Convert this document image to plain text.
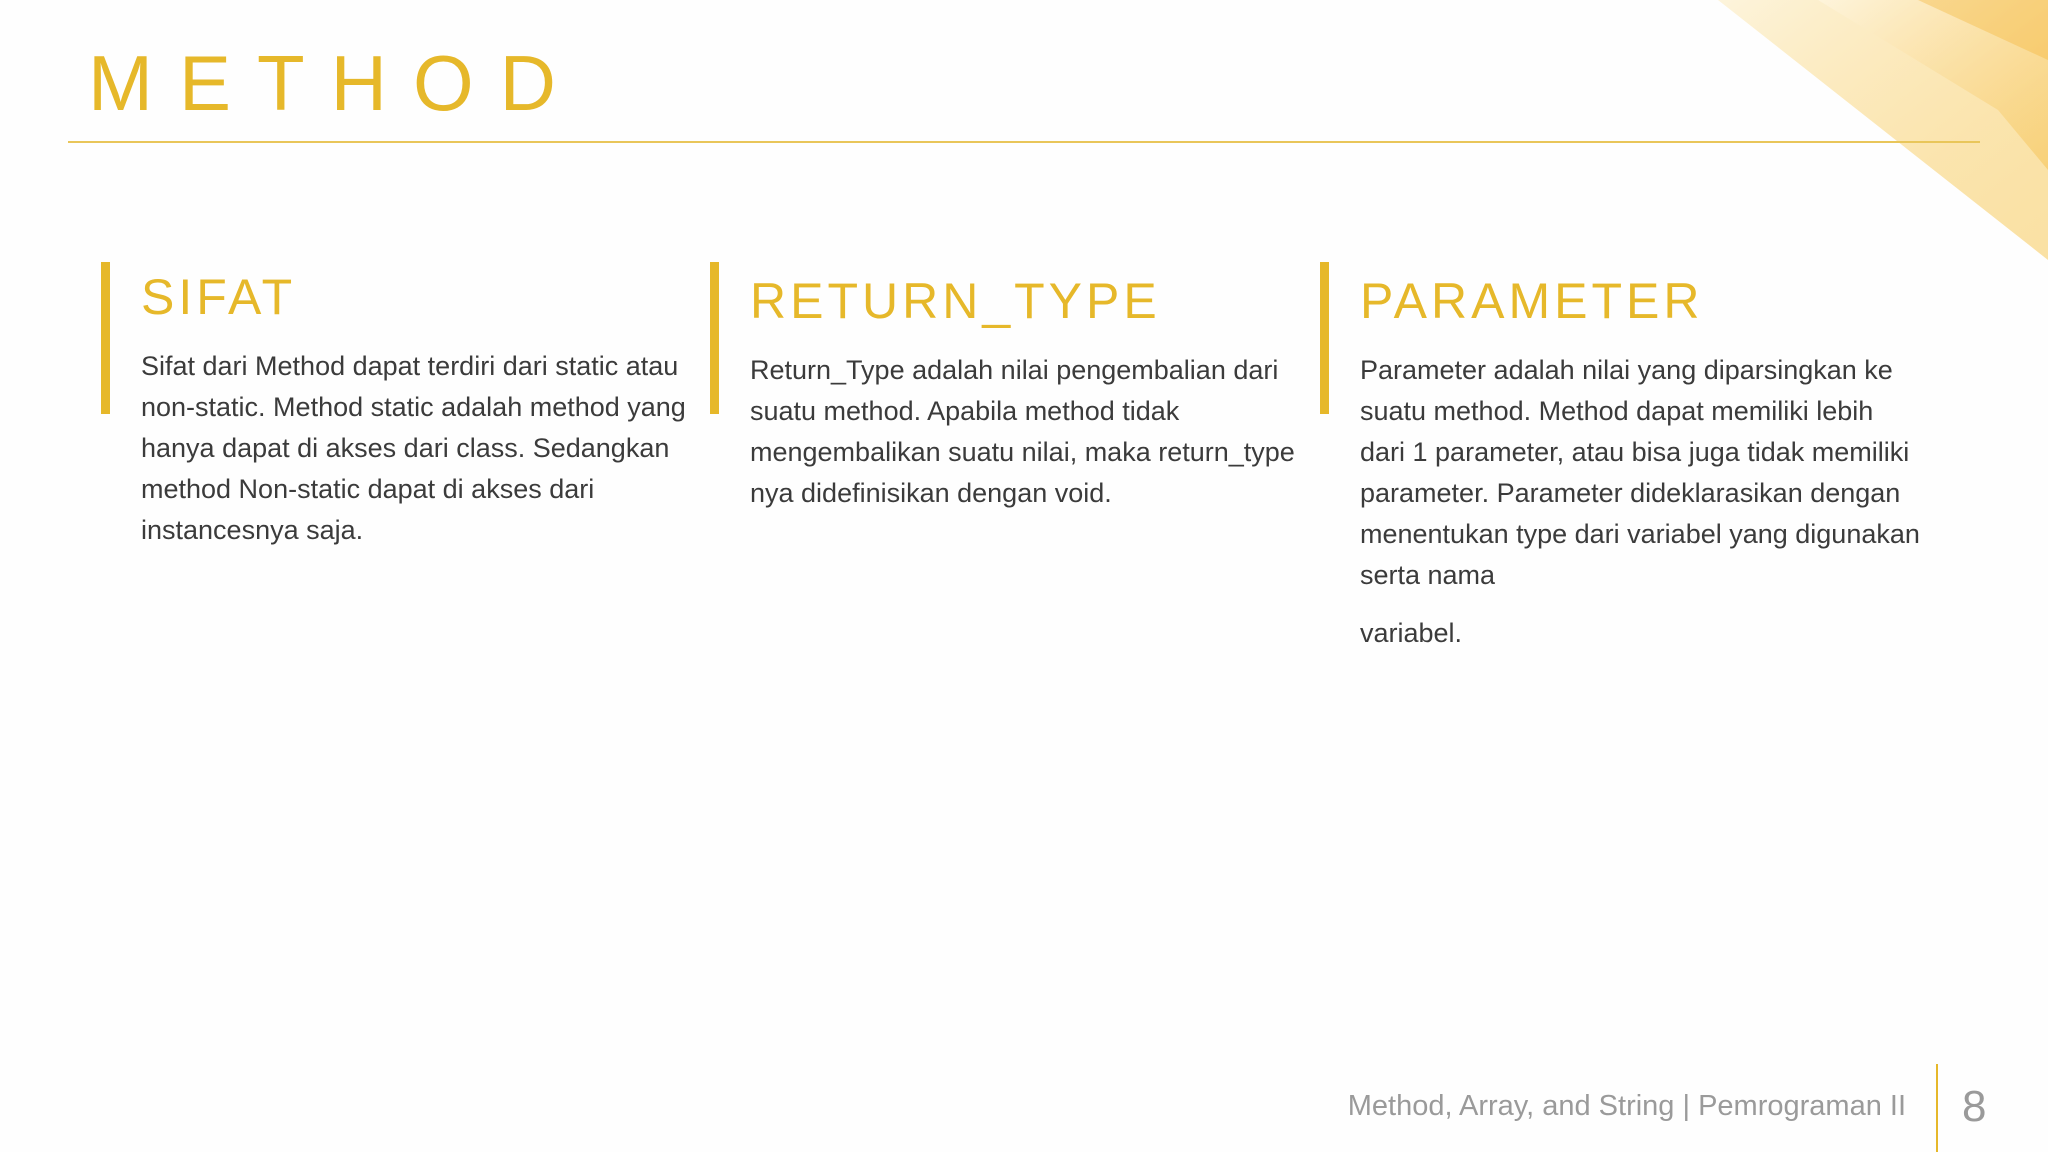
METHOD
SIFAT

Sifat dari Method dapat terdiri dari static atau non-static. Method static adalah method yang hanya dapat di akses dari class. Sedangkan method Non-static dapat di akses dari instancesnya saja.

RETURN_TYPE

Return_Type adalah nilai pengembalian dari suatu method. Apabila method tidak mengembalikan suatu nilai, maka return_type nya didefinisikan dengan void.

PARAMETER

Parameter adalah nilai yang diparsingkan ke suatu method. Method dapat memiliki lebih dari 1 parameter, atau bisa juga tidak memiliki parameter. Parameter dideklarasikan dengan menentukan type dari variabel yang digunakan serta nama
variabel.

Method, Array, and String | Pemrograman II 8
